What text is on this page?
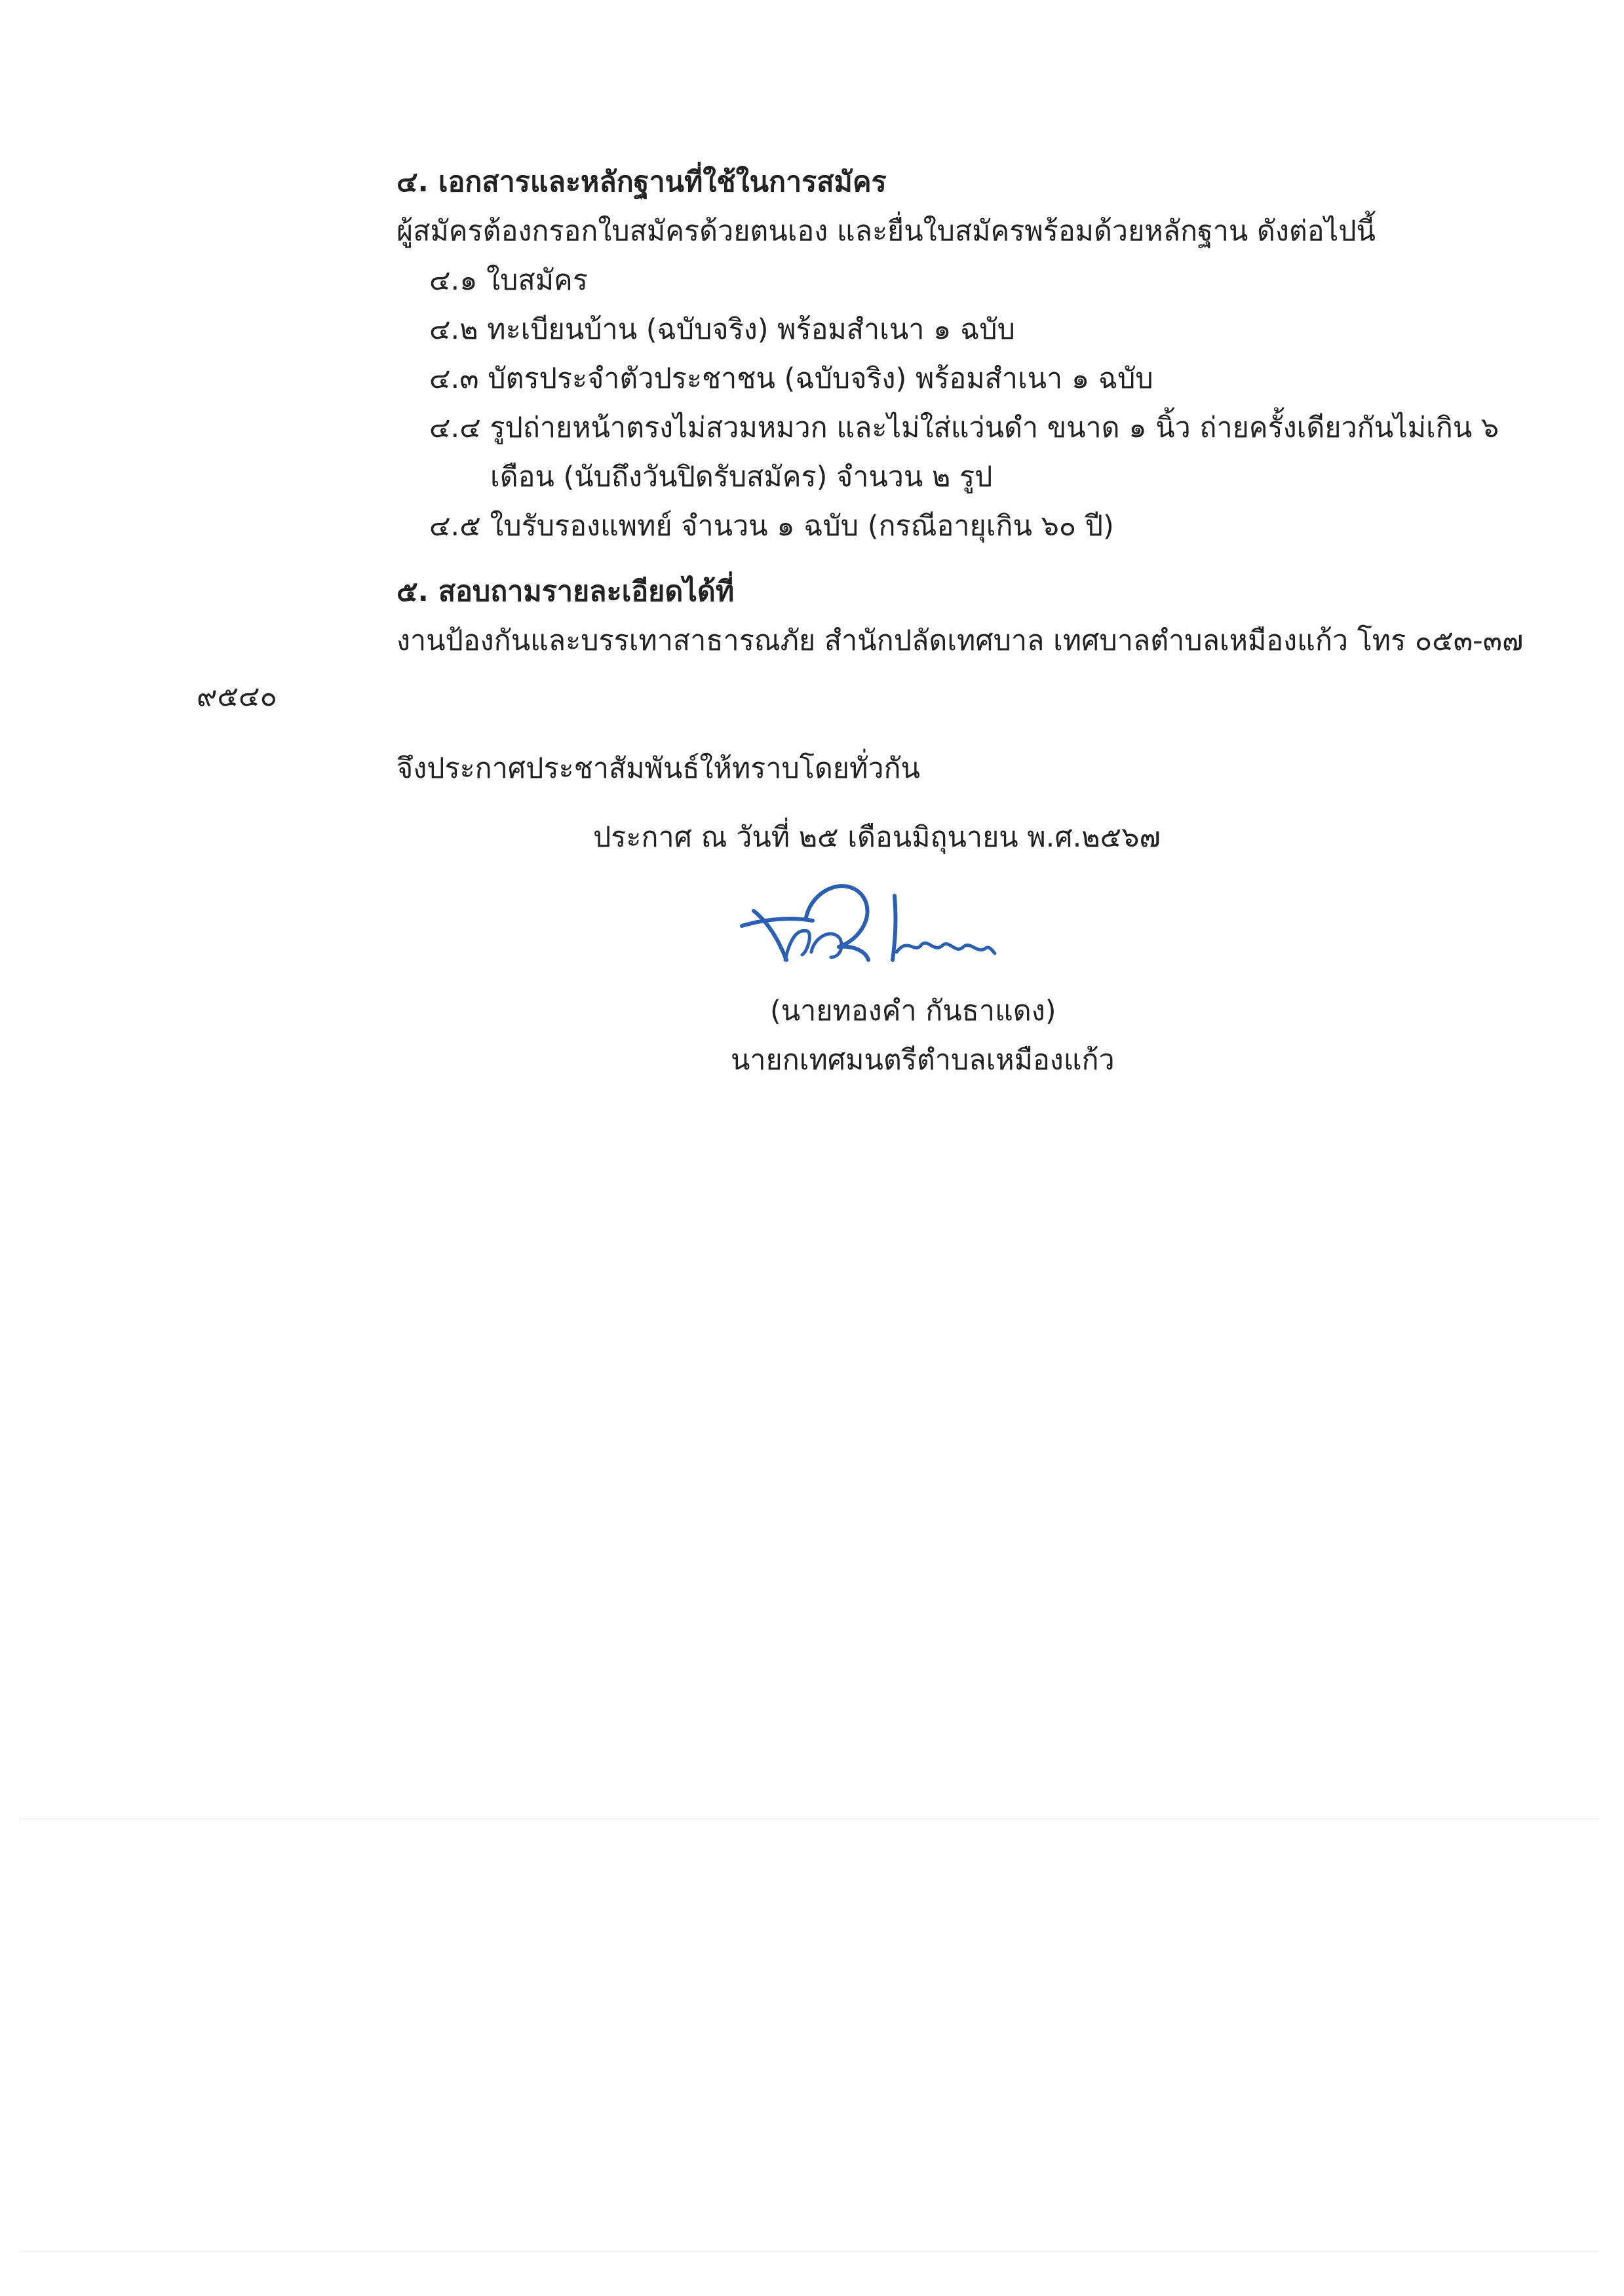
๔. เอกสารและหลักฐานที่ใช้ในการสมัคร
ผู้สมัครต้องกรอกใบสมัครด้วยตนเอง และยื่นใบสมัครพร้อมด้วยหลักฐาน ดังต่อไปนี้
๔.๑ ใบสมัคร
๔.๒ ทะเบียนบ้าน (ฉบับจริง) พร้อมสำเนา ๑ ฉบับ
๔.๓ บัตรประจำตัวประชาชน (ฉบับจริง) พร้อมสำเนา ๑ ฉบับ
๔.๔ รูปถ่ายหน้าตรงไม่สวมหมวก และไม่ใส่แว่นดำ ขนาด ๑ นิ้ว ถ่ายครั้งเดียวกันไม่เกิน ๖
เดือน (นับถึงวันปิดรับสมัคร) จำนวน ๒ รูป
๔.๕ ใบรับรองแพทย์ จำนวน ๑ ฉบับ (กรณีอายุเกิน ๖๐ ปี)
๕. สอบถามรายละเอียดได้ที่
งานป้องกันและบรรเทาสาธารณภัย สำนักปลัดเทศบาล เทศบาลตำบลเหมืองแก้ว โทร ๐๕๓-๓๗
๙๕๔๐
จึงประกาศประชาสัมพันธ์ให้ทราบโดยทั่วกัน
ประกาศ ณ วันที่ ๒๕ เดือนมิถุนายน พ.ศ.๒๕๖๗
(นายทองคำ กันธาแดง)
นายกเทศมนตรีตำบลเหมืองแก้ว
